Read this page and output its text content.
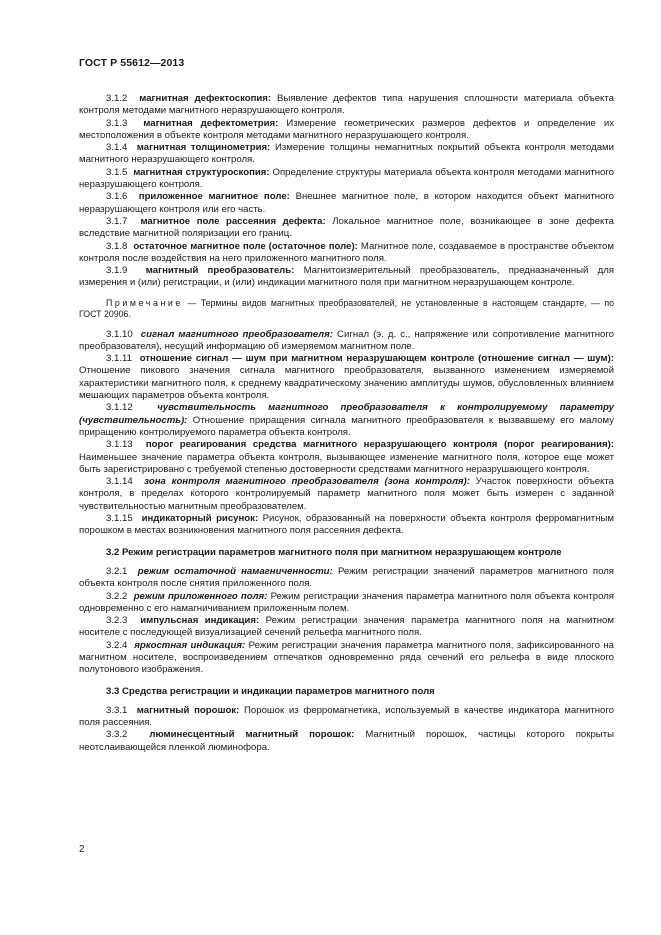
ГОСТ Р 55612—2013

3.1.2 магнитная дефектоскопия: Выявление дефектов типа нарушения сплошности материала объекта контроля методами магнитного неразрушающего контроля.

3.1.3 магнитная дефектометрия: Измерение геометрических размеров дефектов и определение их местоположения в объекте контроля методами магнитного неразрушающего контроля.

3.1.4 магнитная толщинометрия: Измерение толщины немагнитных покрытий объекта контроля методами магнитного неразрушающего контроля.

3.1.5 магнитная структуроскопия: Определение структуры материала объекта контроля методами магнитного неразрушающего контроля.

3.1.6 приложенное магнитное поле: Внешнее магнитное поле, в котором находится объект магнитного неразрушающего контроля или его часть.

3.1.7 магнитное поле рассеяния дефекта: Локальное магнитное поле, возникающее в зоне дефекта вследствие магнитной поляризации его границ.

3.1.8 остаточное магнитное поле (остаточное поле): Магнитное поле, создаваемое в пространстве объектом контроля после воздействия на него приложенного магнитного поля.

3.1.9 магнитный преобразователь: Магнитоизмерительный преобразователь, предназначенный для измерения и (или) регистрации, и (или) индикации магнитного поля при магнитном неразрушающем контроле.

Примечание — Термины видов магнитных преобразователей, не установленные в настоящем стандарте, — по ГОСТ 20906.

3.1.10 сигнал магнитного преобразователя: Сигнал (э. д. с., напряжение или сопротивление магнитного преобразователя), несущий информацию об измеряемом магнитном поле.

3.1.11 отношение сигнал — шум при магнитном неразрушающем контроле (отношение сигнал — шум): Отношение пикового значения сигнала магнитного преобразователя, вызванного изменением измеряемой характеристики магнитного поля, к среднему квадратическому значению амплитуды шумов, обусловленных влиянием мешающих параметров объекта контроля.

3.1.12	чувствительность магнитного преобразователя к контролируемому параметру (чувствительность): Отношение приращения сигнала магнитного преобразователя к вызвавшему его малому приращению контролируемого параметра объекта контроля.

3.1.13 порог реагирования средства магнитного неразрушающего контроля (порог реагирования): Наименьшее значение параметра объекта контроля, вызывающее изменение магнитного поля, которое еще может быть зарегистрировано с требуемой степенью достоверности средствами магнитного неразрушающего контроля.

3.1.14 зона контроля магнитного преобразователя (зона контроля): Участок поверхности объекта контроля, в пределах которого контролируемый параметр магнитного поля может быть измерен с заданной чувствительностью магнитным преобразователем.

3.1.15 индикаторный рисунок: Рисунок, образованный на поверхности объекта контроля ферромагнитным порошком в местах возникновения магнитного поля рассеяния дефекта.

3.2 Режим регистрации параметров магнитного поля при магнитном неразрушающем контроле

3.2.1 режим остаточной намагниченности: Режим регистрации значений параметров магнитного поля объекта контроля после снятия приложенного поля.

3.2.2 режим приложенного поля: Режим регистрации значения параметра магнитного поля объекта контроля одновременно с его намагничиванием приложенным полем.

3.2.3 импульсная индикация: Режим регистрации значения параметра магнитного поля на магнитном носителе с последующей визуализацией сечений рельефа магнитного поля.

3.2.4 яркостная индикация: Режим регистрации значения параметра магнитного поля, зафиксированного на магнитном носителе, воспроизведением отпечатков одновременно ряда сечений его рельефа в виде плоского полутонового изображения.

3.3 Средства регистрации и индикации параметров магнитного поля

3.3.1 магнитный порошок: Порошок из ферромагнетика, используемый в качестве индикатора магнитного поля рассеяния.

3.3.2 люминесцентный магнитный порошок: Магнитный порошок, частицы которого покрыты неотслаивающейся пленкой люминофора.

2
